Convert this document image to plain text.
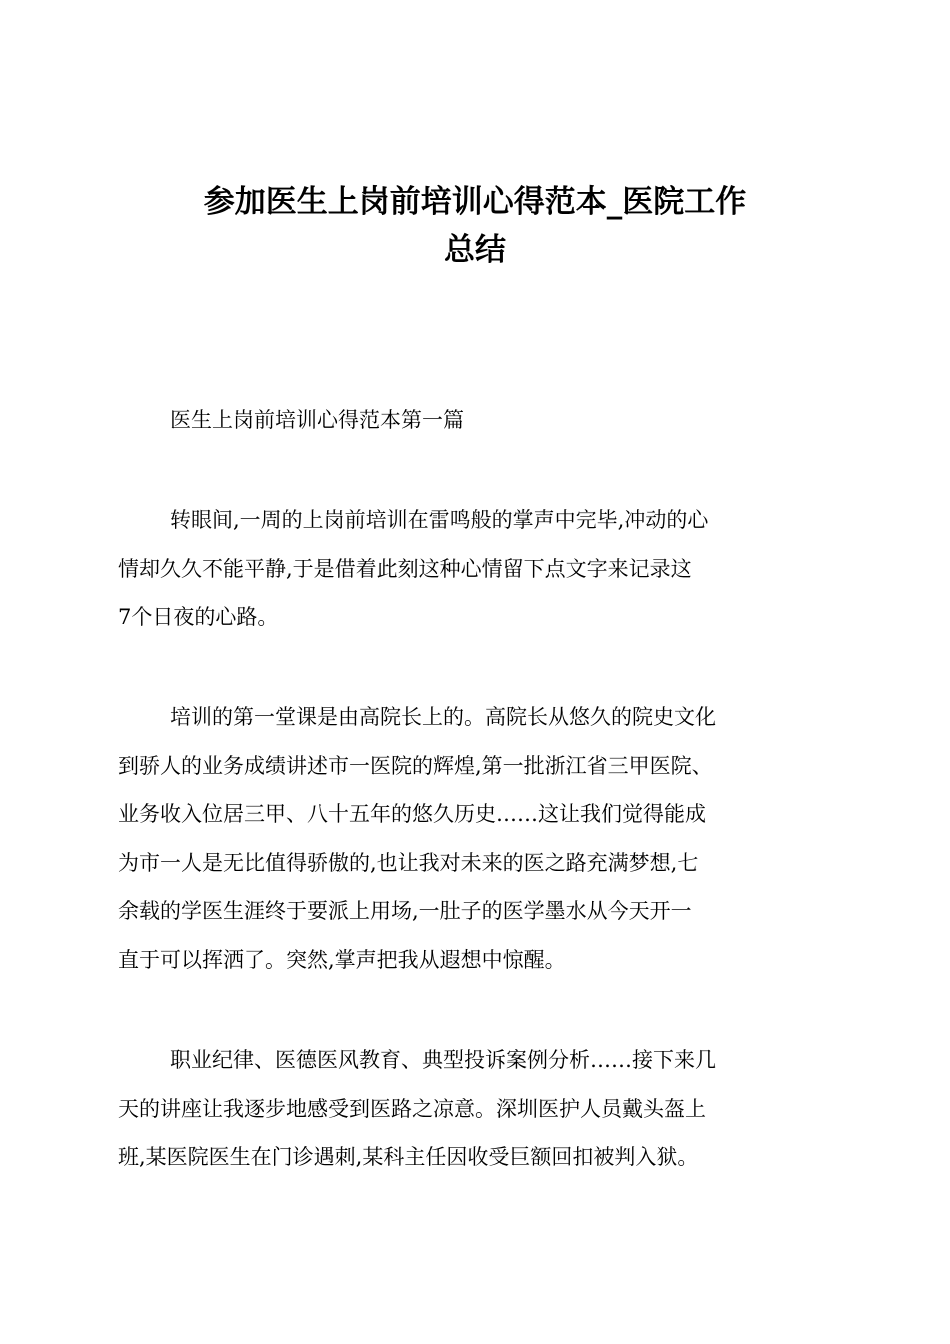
参加医生上岗前培训心得范本_医院工作
总结
医生上岗前培训心得范本第一篇
转眼间,一周的上岗前培训在雷鸣般的掌声中完毕,冲动的心
情却久久不能平静,于是借着此刻这种心情留下点文字来记录这
7个日夜的心路。
培训的第一堂课是由高院长上的。高院长从悠久的院史文化
到骄人的业务成绩讲述市一医院的辉煌,第一批浙江省三甲医院、
业务收入位居三甲、八十五年的悠久历史……这让我们觉得能成
为市一人是无比值得骄傲的,也让我对未来的医之路充满梦想,七
余载的学医生涯终于要派上用场,一肚子的医学墨水从今天开一
直于可以挥洒了。突然,掌声把我从遐想中惊醒。
职业纪律、医德医风教育、典型投诉案例分析……接下来几
天的讲座让我逐步地感受到医路之凉意。深圳医护人员戴头盔上
班,某医院医生在门诊遇刺,某科主任因收受巨额回扣被判入狱。
